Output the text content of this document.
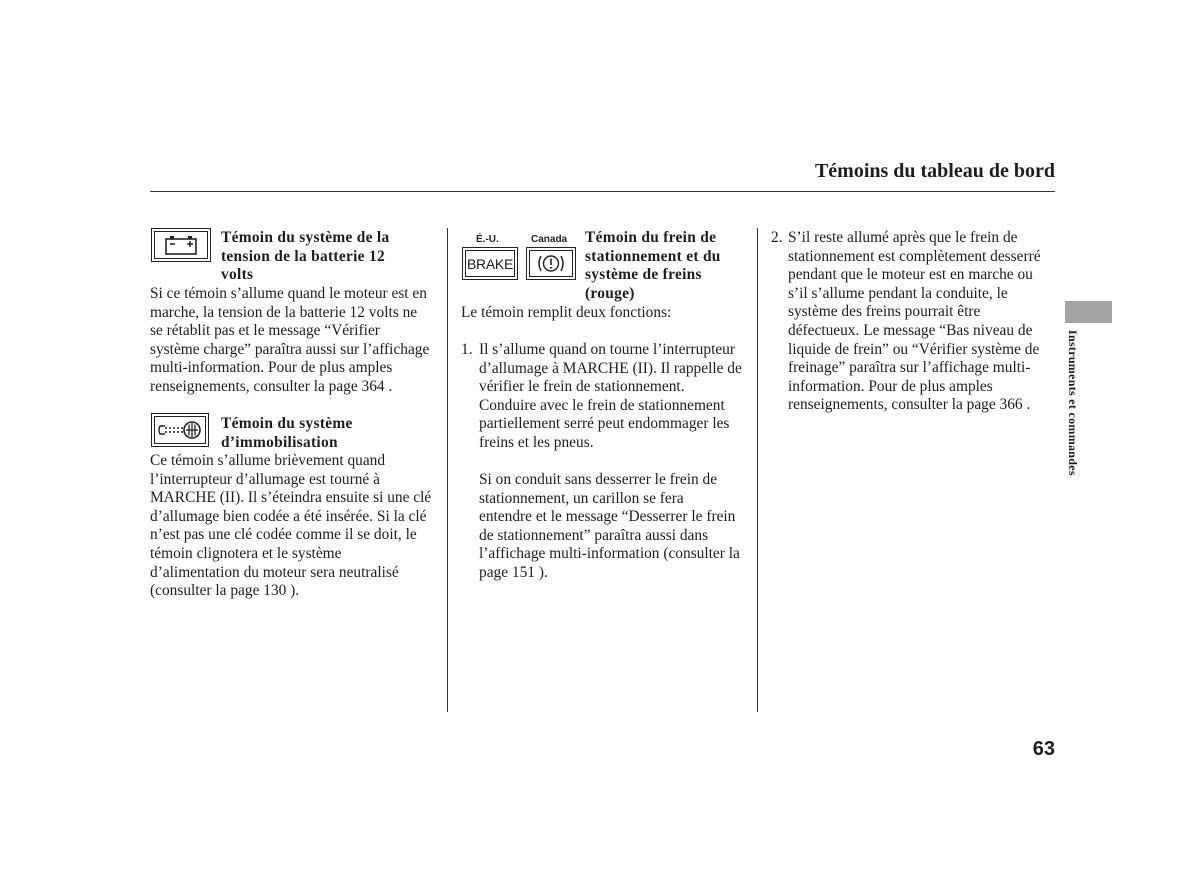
Témoins du tableau de bord
Témoin du système de la
tension de la batterie 12
volts
Si ce témoin s’allume quand le moteur est en
marche, la tension de la batterie 12 volts ne
se rétablit pas et le message “Vérifier
système charge” paraîtra aussi sur l’affichage
multi-information. Pour de plus amples
renseignements, consulter la page 364 .
Témoin du système
d’immobilisation
Ce témoin s’allume brièvement quand
l’interrupteur d’allumage est tourné à
MARCHE (II). Il s’éteindra ensuite si une clé
d’allumage bien codée a été insérée. Si la clé
n’est pas une clé codée comme il se doit, le
témoin clignotera et le système
d’alimentation du moteur sera neutralisé
(consulter la page 130 ).
É.-U.	Canada
BRAKE
Témoin du frein de
stationnement et du
système de freins
(rouge)
Le témoin remplit deux fonctions:
1. Il s’allume quand on tourne l’interrupteur
d’allumage à MARCHE (II). Il rappelle de
vérifier le frein de stationnement.
Conduire avec le frein de stationnement
partiellement serré peut endommager les
freins et les pneus.
Si on conduit sans desserrer le frein de
stationnement, un carillon se fera
entendre et le message “Desserrer le frein
de stationnement” paraîtra aussi dans
l’affichage multi-information (consulter la
page 151 ).
2. S’il reste allumé après que le frein de
stationnement est complètement desserré
pendant que le moteur est en marche ou
s’il s’allume pendant la conduite, le
système des freins pourrait être
défectueux. Le message “Bas niveau de
liquide de frein” ou “Vérifier système de
freinage” paraîtra sur l’affichage multi-
information. Pour de plus amples
renseignements, consulter la page 366 .	Instruments et commandes
63
